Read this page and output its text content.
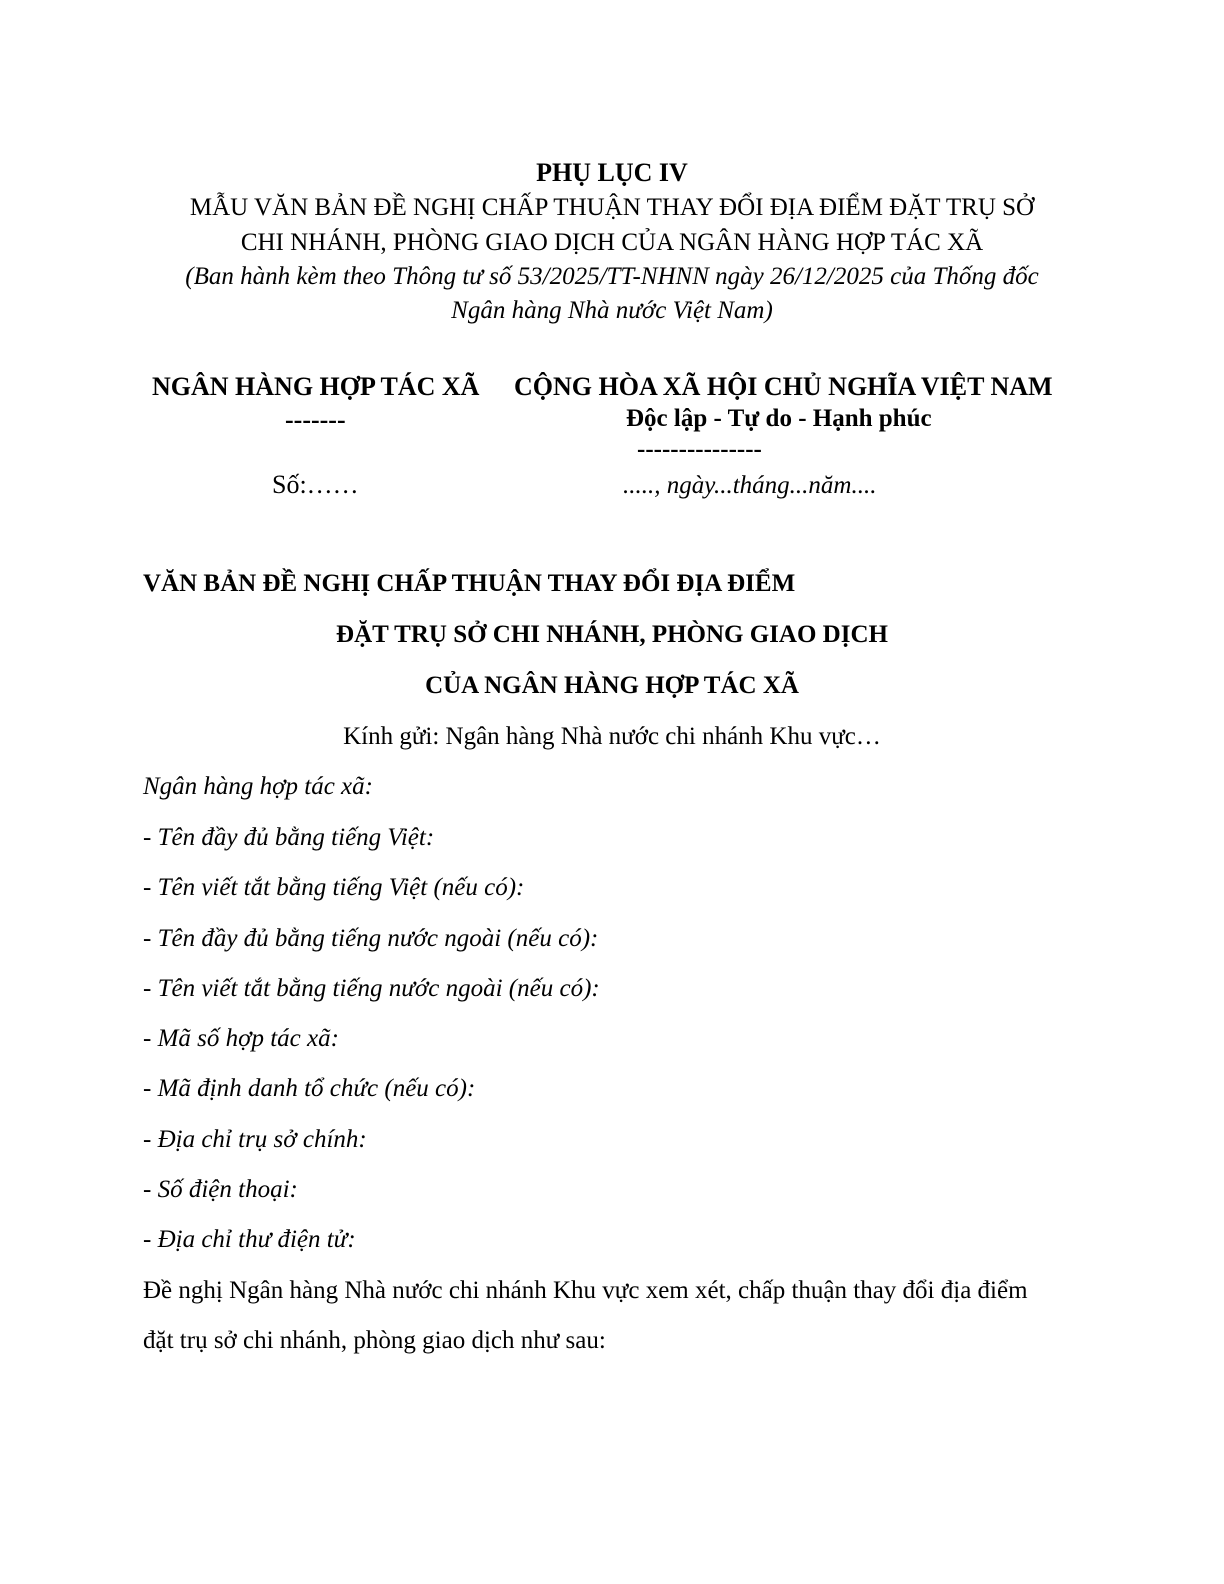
PHỤ LỤC IV
MẪU VĂN BẢN ĐỀ NGHỊ CHẤP THUẬN THAY ĐỔI ĐỊA ĐIỂM ĐẶT TRỤ SỞ
CHI NHÁNH, PHÒNG GIAO DỊCH CỦA NGÂN HÀNG HỢP TÁC XÃ
(Ban hành kèm theo Thông tư số 53/2025/TT-NHNN ngày 26/12/2025 của Thống đốc
Ngân hàng Nhà nước Việt Nam)
NGÂN HÀNG HỢP TÁC XÃ
-------
Số:……
CỘNG HÒA XÃ HỘI CHỦ NGHĨA VIỆT NAM
Độc lập - Tự do - Hạnh phúc
---------------
....., ngày...tháng...năm....
VĂN BẢN ĐỀ NGHỊ CHẤP THUẬN THAY ĐỔI ĐỊA ĐIỂM
ĐẶT TRỤ SỞ CHI NHÁNH, PHÒNG GIAO DỊCH
CỦA NGÂN HÀNG HỢP TÁC XÃ
Kính gửi: Ngân hàng Nhà nước chi nhánh Khu vực…
Ngân hàng hợp tác xã:
- Tên đầy đủ bằng tiếng Việt:
- Tên viết tắt bằng tiếng Việt (nếu có):
- Tên đầy đủ bằng tiếng nước ngoài (nếu có):
- Tên viết tắt bằng tiếng nước ngoài (nếu có):
- Mã số hợp tác xã:
- Mã định danh tổ chức (nếu có):
- Địa chỉ trụ sở chính:
- Số điện thoại:
- Địa chỉ thư điện tử:
Đề nghị Ngân hàng Nhà nước chi nhánh Khu vực xem xét, chấp thuận thay đổi địa điểm
đặt trụ sở chi nhánh, phòng giao dịch như sau:
